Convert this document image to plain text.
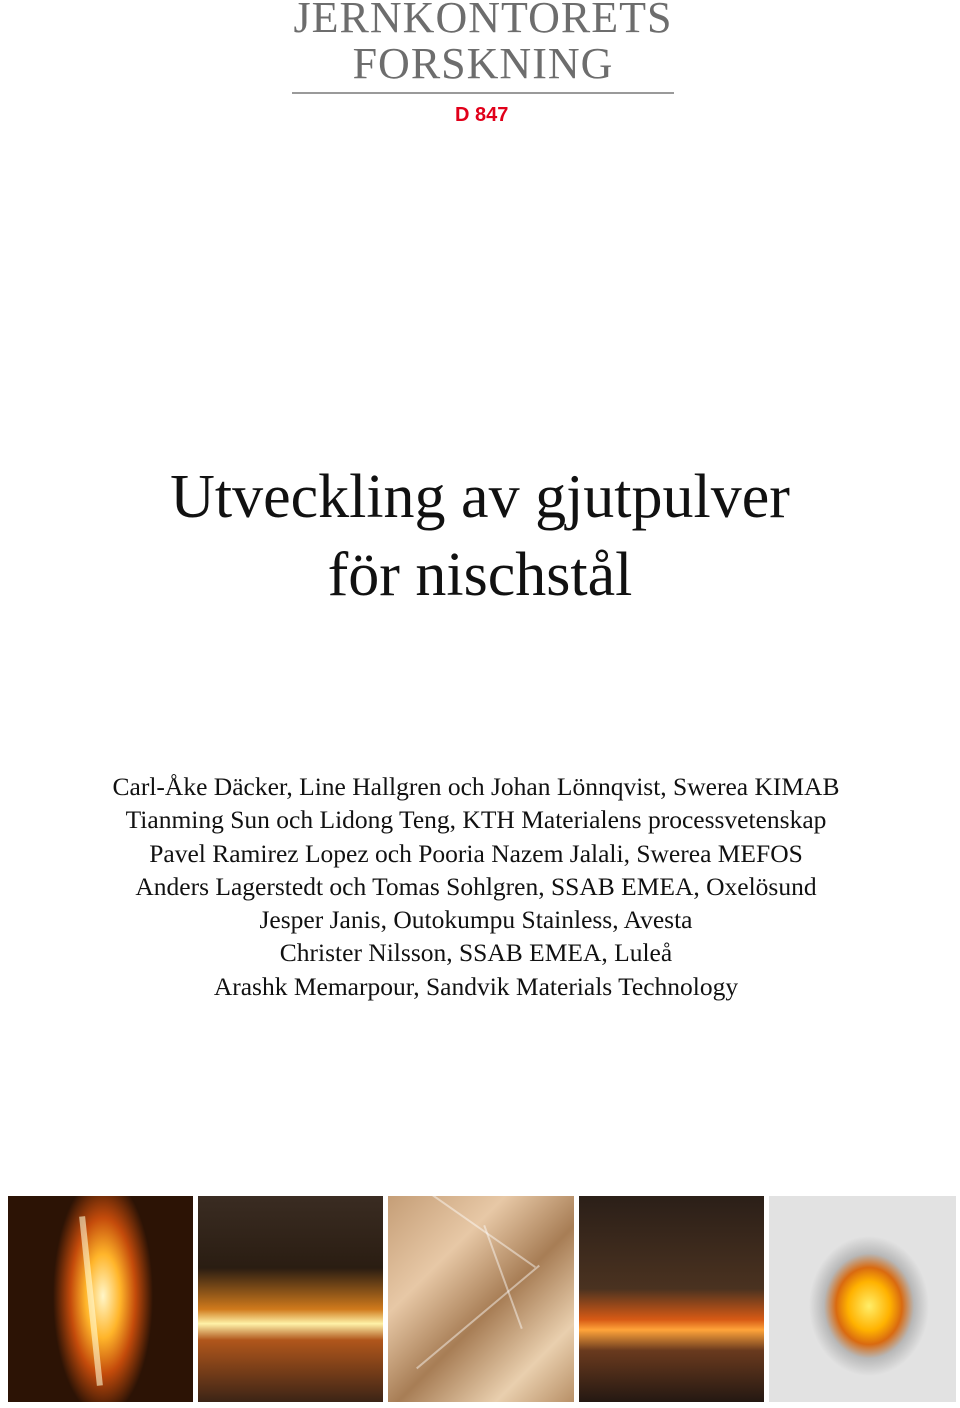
JERNKONTORETS
FORSKNING
D 847
Utveckling av gjutpulver
för nischstål
Carl-Åke Däcker, Line Hallgren och Johan Lönnqvist, Swerea KIMAB
Tianming Sun och Lidong Teng, KTH Materialens processvetenskap
Pavel Ramirez Lopez och Pooria Nazem Jalali, Swerea MEFOS
Anders Lagerstedt och Tomas Sohlgren, SSAB EMEA, Oxelösund
Jesper Janis, Outokumpu Stainless, Avesta
Christer Nilsson, SSAB EMEA, Luleå
Arashk Memarpour, Sandvik Materials Technology
